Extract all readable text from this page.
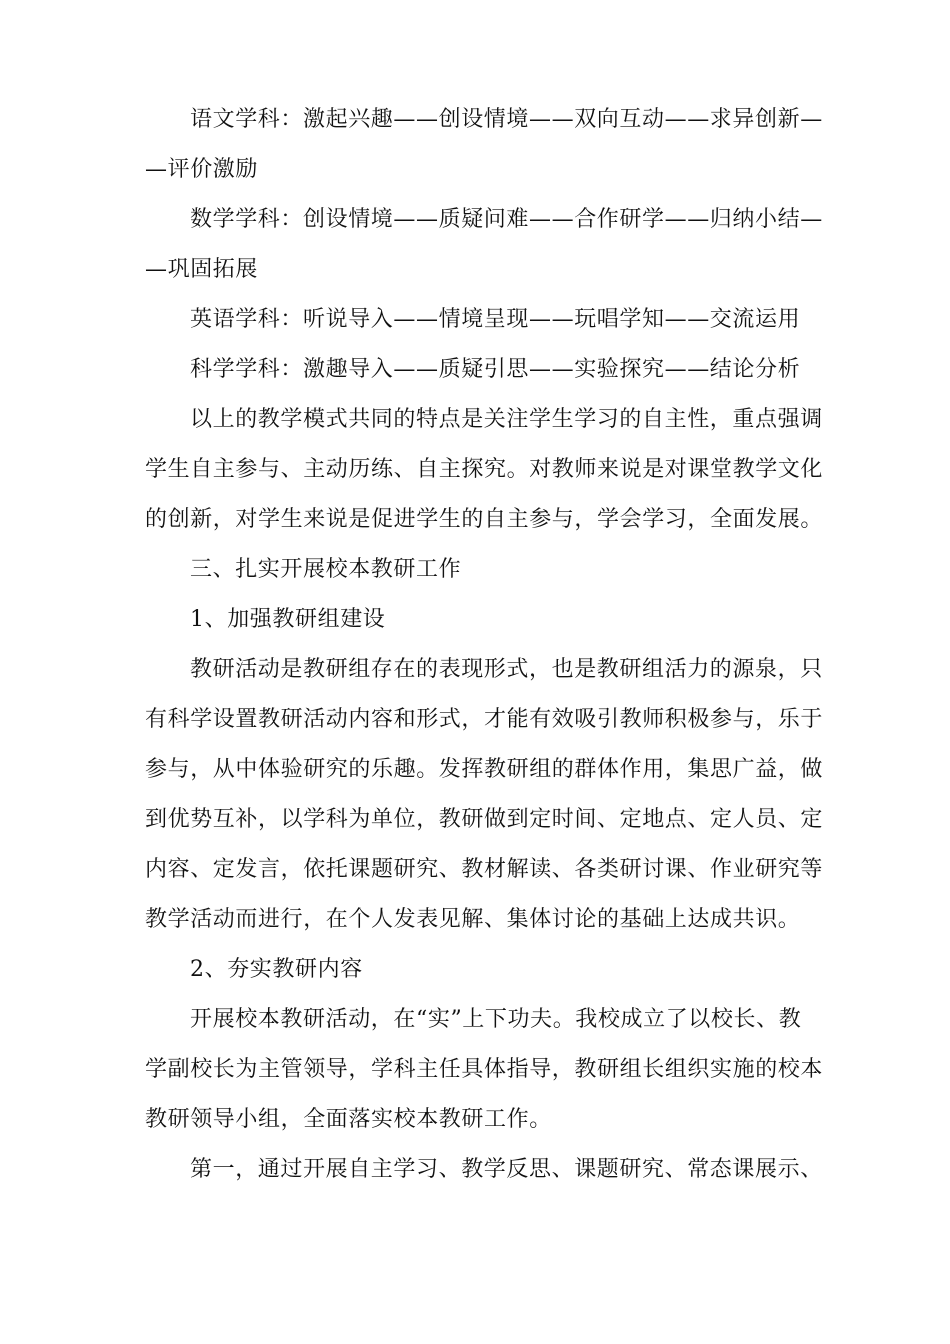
语文学科：激起兴趣——创设情境——双向互动——求异创新—
—评价激励
数学学科：创设情境——质疑问难——合作研学——归纳小结—
—巩固拓展
英语学科：听说导入——情境呈现——玩唱学知——交流运用
科学学科：激趣导入——质疑引思——实验探究——结论分析
以上的教学模式共同的特点是关注学生学习的自主性，重点强调
学生自主参与、主动历练、自主探究。对教师来说是对课堂教学文化
的创新，对学生来说是促进学生的自主参与，学会学习，全面发展。
三、扎实开展校本教研工作
1、加强教研组建设
教研活动是教研组存在的表现形式，也是教研组活力的源泉，只
有科学设置教研活动内容和形式，才能有效吸引教师积极参与，乐于
参与，从中体验研究的乐趣。发挥教研组的群体作用，集思广益，做
到优势互补，以学科为单位，教研做到定时间、定地点、定人员、定
内容、定发言，依托课题研究、教材解读、各类研讨课、作业研究等
教学活动而进行，在个人发表见解、集体讨论的基础上达成共识。
2、夯实教研内容
开展校本教研活动，在“实”上下功夫。我校成立了以校长、教
学副校长为主管领导，学科主任具体指导，教研组长组织实施的校本
教研领导小组，全面落实校本教研工作。
第一，通过开展自主学习、教学反思、课题研究、常态课展示、
